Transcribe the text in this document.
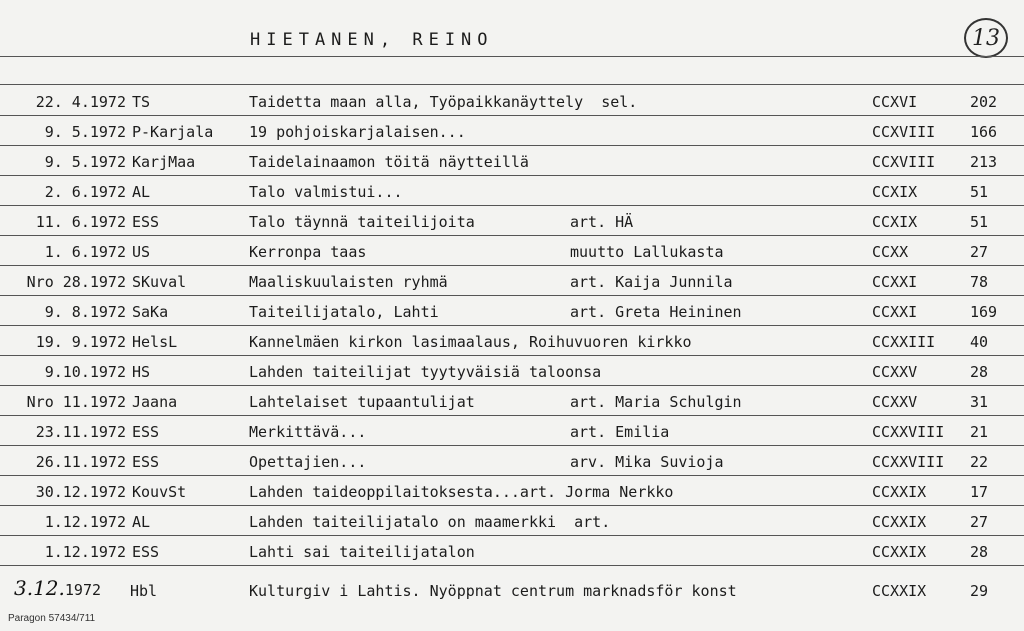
HIETANEN, REINO	13
22. 4.1972 TS	Taidetta maan alla, Työpaikkanäyttely  sel.	CCXVI	202
9. 5.1972 P-Karjala 19 pohjoiskarjalaisen...	CCXVIII 166
9. 5.1972 KarjMaa	Taidelainaamon töitä näytteillä	CCXVIII 213
2. 6.1972 AL	Talo valmistui...	CCXIX	51
11. 6.1972 ESS	Talo täynnä taiteilijoita	art. HÄ	CCXIX	51
1. 6.1972 US	Kerronpa taas	muutto Lallukasta	CCXX	27
Nro 28.1972 SKuval	Maaliskuulaisten ryhmä	art. Kaija Junnila	CCXXI	78
9. 8.1972 SaKa	Taiteilijatalo, Lahti	art. Greta Heininen	CCXXI	169
19. 9.1972 HelsL	Kannelmäen kirkon lasimaalaus, Roihuvuoren kirkko	CCXXIII 40
9.10.1972 HS	Lahden taiteilijat tyytyväisiä taloonsa	CCXXV	28
Nro 11.1972 Jaana	Lahtelaiset tupaantulijat	art. Maria Schulgin	CCXXV	31
23.11.1972 ESS	Merkittävä...	art. Emilia	CCXXVIII 21
26.11.1972 ESS	Opettajien...	arv. Mika Suvioja	CCXXVIII 22
30.12.1972 KouvSt	Lahden taideoppilaitoksesta...art. Jorma Nerkko	CCXXIX	17
1.12.1972 AL	Lahden taiteilijatalo on maamerkki  art.	CCXXIX	27
1.12.1972 ESS	Lahti sai taiteilijatalon	CCXXIX	28
3.12.1972 Hbl	Kulturgiv i Lahtis. Nyöppnat centrum marknadsför konst	CCXXIX	29
Paragon 57434/711
